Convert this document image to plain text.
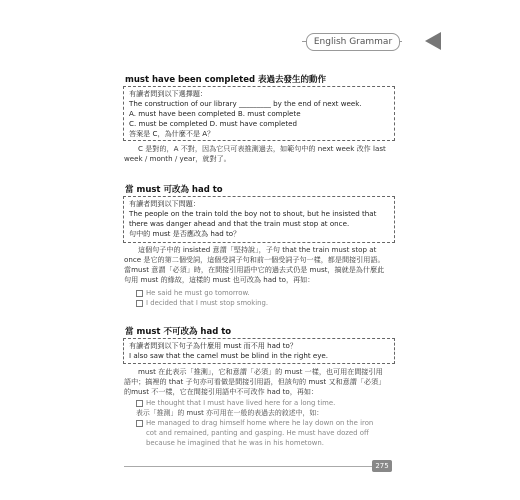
English Grammar
must have been completed 表過去發生的動作
有讀者問到以下選擇題：
The construction of our library _________ by the end of next week.
A. must have been completed B. must complete
C. must be completed D. must have completed
答案是 C，為什麼不是 A？
C 是對的，A 不對，因為它只可表推測過去，如範句中的 next week 改作 last
week / month / year，就對了。
當 must 可改為 had to
有讀者問到以下問題：
The people on the train told the boy not to shout, but he insisted that there was danger ahead and that the train must stop at once.
句中的 must 是否應改為 had to？
這個句子中的 insisted 意謂「堅持說」，子句 that the train must stop at
once 是它的第二個受詞，這個受詞子句和前一個受詞子句一樣，都是間接引用語。
當must 意謂「必須」時，在間接引用語中它的過去式仍是 must，搞就是為什麼此
句用 must 的緣故，這樣的 must 也可改為 had to，再如：
He said he must go tomorrow.
I decided that I must stop smoking.
當 must 不可改為 had to
有讀者問到以下句子為什麼用 must 而不用 had to？
I also saw that the camel must be blind in the right eye.
must 在此表示「推測」，它和意謂「必須」的 must 一樣，也可用在間接引用
語中；搞裡的 that 子句亦可看做是間接引用語，但該句的 must 又和意謂「必須」
的must 不一樣，它在間接引用語中不可改作 had to，再如：
He thought that I must have lived here for a long time.
表示「推測」的 must 亦可用在一般的表過去的敘述中，如：
He managed to drag himself home where he lay down on the iron
cot and remained, panting and gasping. He must have dozed off
because he imagined that he was in his hometown.
275
